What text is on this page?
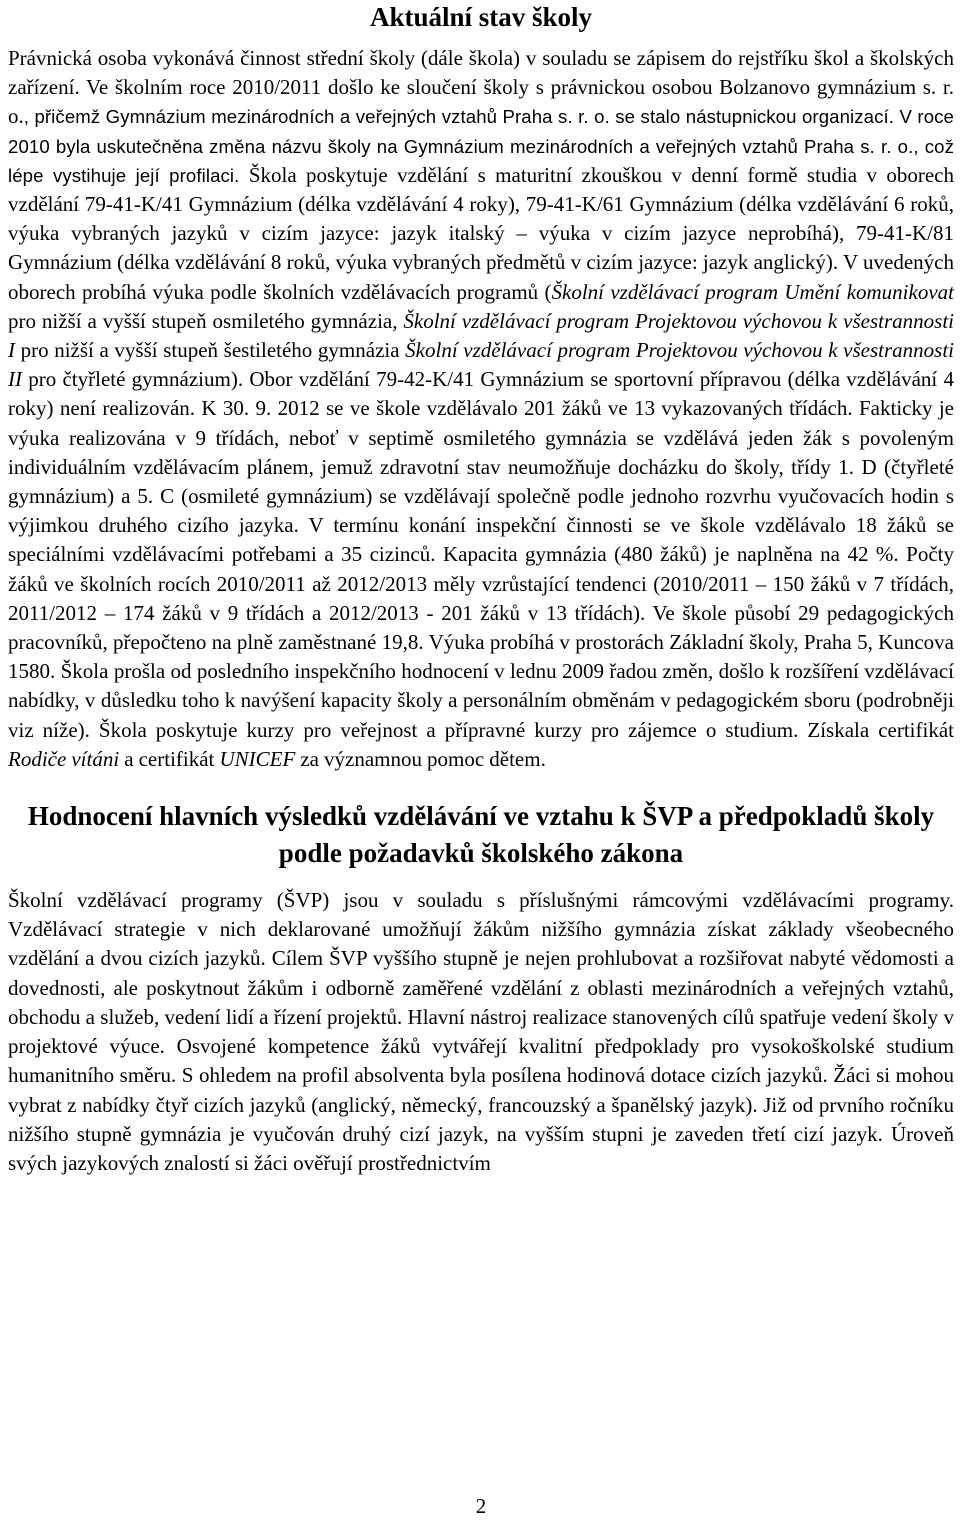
Aktuální stav školy

Právnická osoba vykonává činnost střední školy (dále škola) v souladu se zápisem do rejstříku škol a školských zařízení. Ve školním roce 2010/2011 došlo ke sloučení školy s právnickou osobou Bolzanovo gymnázium s. r. o., přičemž Gymnázium mezinárodních a veřejných vztahů Praha s. r. o. se stalo nástupnickou organizací. V roce 2010 byla uskutečněna změna názvu školy na Gymnázium mezinárodních a veřejných vztahů Praha s. r. o., což lépe vystihuje její profilaci. Škola poskytuje vzdělání s maturitní zkouškou v denní formě studia v oborech vzdělání 79-41-K/41 Gymnázium (délka vzdělávání 4 roky), 79-41-K/61 Gymnázium (délka vzdělávání 6 roků, výuka vybraných jazyků v cizím jazyce: jazyk italský – výuka v cizím jazyce neprobíhá), 79-41-K/81 Gymnázium (délka vzdělávání 8 roků, výuka vybraných předmětů v cizím jazyce: jazyk anglický). V uvedených oborech probíhá výuka podle školních vzdělávacích programů (Školní vzdělávací program Umění komunikovat pro nižší a vyšší stupeň osmiletého gymnázia, Školní vzdělávací program Projektovou výchovou k všestrannosti I pro nižší a vyšší stupeň šestiletého gymnázia Školní vzdělávací program Projektovou výchovou k všestrannosti II pro čtyřleté gymnázium). Obor vzdělání 79-42-K/41 Gymnázium se sportovní přípravou (délka vzdělávání 4 roky) není realizován. K 30. 9. 2012 se ve škole vzdělávalo 201 žáků ve 13 vykazovaných třídách. Fakticky je výuka realizována v 9 třídách, neboť v septimě osmiletého gymnázia se vzdělává jeden žák s povoleným individuálním vzdělávacím plánem, jemuž zdravotní stav neumožňuje docházku do školy, třídy 1. D (čtyřleté gymnázium) a 5. C (osmileté gymnázium) se vzdělávají společně podle jednoho rozvrhu vyučovacích hodin s výjimkou druhého cizího jazyka. V termínu konání inspekční činnosti se ve škole vzdělávalo 18 žáků se speciálními vzdělávacími potřebami a 35 cizinců. Kapacita gymnázia (480 žáků) je naplněna na 42 %. Počty žáků ve školních rocích 2010/2011 až 2012/2013 měly vzrůstající tendenci (2010/2011 – 150 žáků v 7 třídách, 2011/2012 – 174 žáků v 9 třídách a 2012/2013 - 201 žáků v 13 třídách). Ve škole působí 29 pedagogických pracovníků, přepočteno na plně zaměstnané 19,8. Výuka probíhá v prostorách Základní školy, Praha 5, Kuncova 1580. Škola prošla od posledního inspekčního hodnocení v lednu 2009 řadou změn, došlo k rozšíření vzdělávací nabídky, v důsledku toho k navýšení kapacity školy a personálním obměnám v pedagogickém sboru (podrobněji viz níže). Škola poskytuje kurzy pro veřejnost a přípravné kurzy pro zájemce o studium. Získala certifikát Rodiče vítáni a certifikát UNICEF za významnou pomoc dětem.

Hodnocení hlavních výsledků vzdělávání ve vztahu k ŠVP a předpokladů školy podle požadavků školského zákona

Školní vzdělávací programy (ŠVP) jsou v souladu s příslušnými rámcovými vzdělávacími programy. Vzdělávací strategie v nich deklarované umožňují žákům nižšího gymnázia získat základy všeobecného vzdělání a dvou cizích jazyků. Cílem ŠVP vyššího stupně je nejen prohlubovat a rozšiřovat nabyté vědomosti a dovednosti, ale poskytnout žákům i odborně zaměřené vzdělání z oblasti mezinárodních a veřejných vztahů, obchodu a služeb, vedení lidí a řízení projektů. Hlavní nástroj realizace stanovených cílů spatřuje vedení školy v projektové výuce. Osvojené kompetence žáků vytvářejí kvalitní předpoklady pro vysokoškolské studium humanitního směru. S ohledem na profil absolventa byla posílena hodinová dotace cizích jazyků. Žáci si mohou vybrat z nabídky čtyř cizích jazyků (anglický, německý, francouzský a španělský jazyk). Již od prvního ročníku nižšího stupně gymnázia je vyučován druhý cizí jazyk, na vyšším stupni je zaveden třetí cizí jazyk. Úroveň svých jazykových znalostí si žáci ověřují prostřednictvím

2
